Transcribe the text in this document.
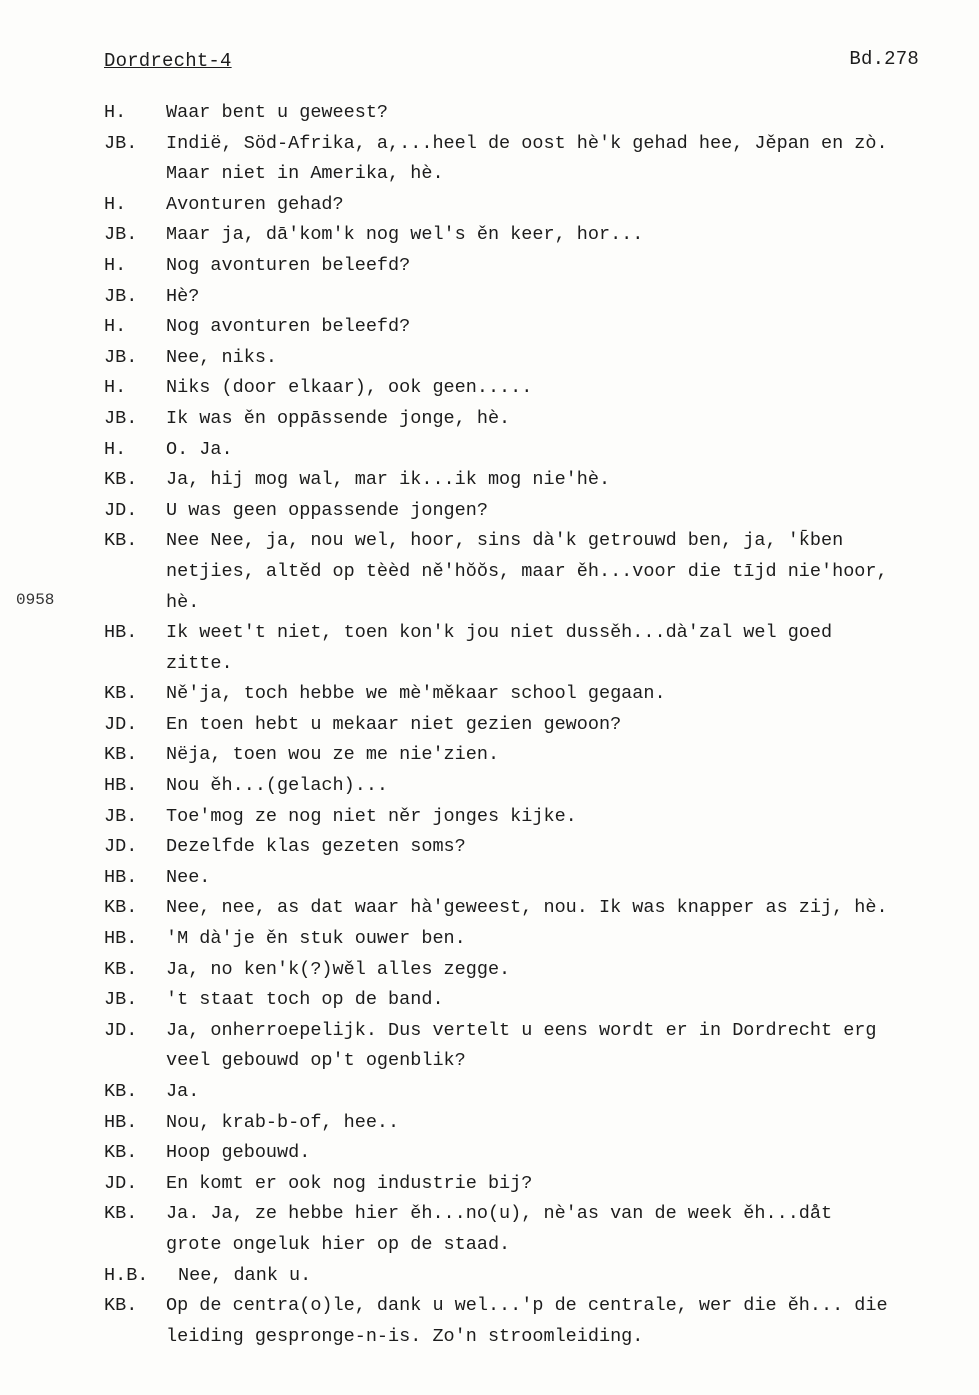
Dordrecht-4	Bd.278
0958
H.	Waar bent u geweest?
JB.	Indië, Söd-Afrika, a,...heel de oost hè'k gehad hee, Jěpan en zò.
Maar niet in Amerika, hè.
H.	Avonturen gehad?
JB.	Maar ja, dā'kom'k nog wel's ěn keer, hor...
H.	Nog avonturen beleefd?
JB.	Hè?
H.	Nog avonturen beleefd?
JB.	Nee, niks.
H.	Niks (door elkaar), ook geen.....
JB.	Ik was ěn oppāssende jonge, hè.
H.	O. Ja.
KB.	Ja, hij mog wal, mar ik...ik mog nie'hè.
JD.	U was geen oppassende jongen?
KB.	Nee Nee, ja, nou wel, hoor, sins dà'k getrouwd ben, ja, 'k̄ben
netjies, altěd op tèèd ně'hŏŏs, maar ěh...voor die tījd nie'hoor,
hè.
HB.	Ik weet't niet, toen kon'k jou niet dussěh...dà'zal wel goed
zitte.
KB.	Ně'ja, toch hebbe we mè'měkaar school gegaan.
JD.	En toen hebt u mekaar niet gezien gewoon?
KB.	Nëja, toen wou ze me nie'zien.
HB.	Nou ěh...(gelach)...
JB.	Toe'mog ze nog niet něr jonges kijke.
JD.	Dezelfde klas gezeten soms?
HB.	Nee.
KB.	Nee, nee, as dat waar hà'geweest, nou. Ik was knapper as zij, hè.
HB.	'M dà'je ěn stuk ouwer ben.
KB.	Ja, no ken'k(?)wěl alles zegge.
JB.	't staat toch op de band.
JD.	Ja, onherroepelijk. Dus vertelt u eens wordt er in Dordrecht erg
veel gebouwd op't ogenblik?
KB.	Ja.
HB.	Nou, krab-b-of, hee..
KB.	Hoop gebouwd.
JD.	En komt er ook nog industrie bij?
KB.	Ja. Ja, ze hebbe hier ěh...no(u), nè'as van de week ěh...dåt
grote ongeluk hier op de staad.
H.B.	Nee, dank u.
KB.	Op de centra(o)le, dank u wel...'p de centrale, wer die ěh... die
leiding gespronge-n-is. Zo'n stroomleiding.
